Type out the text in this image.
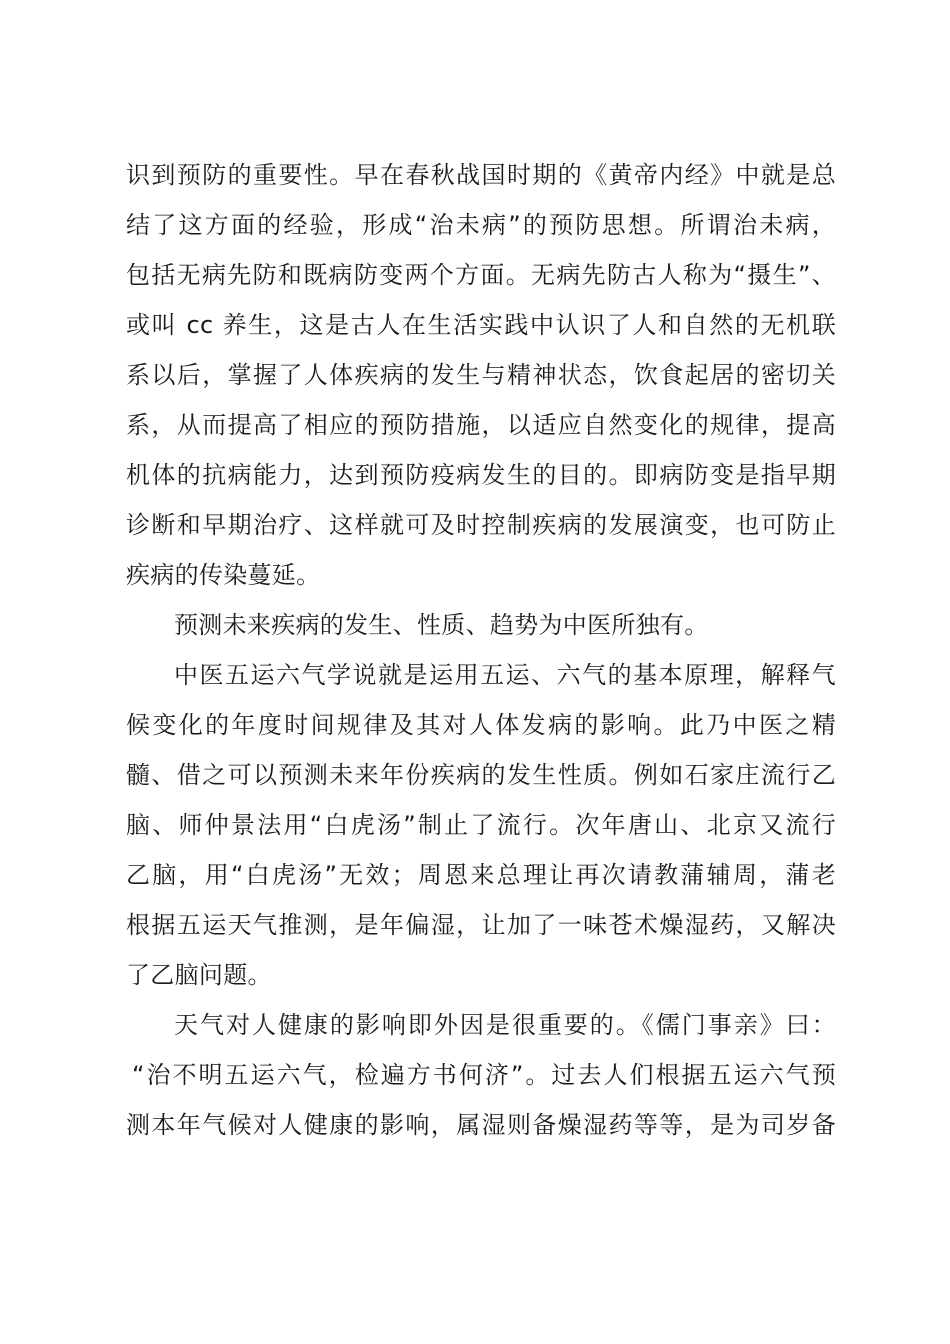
识到预防的重要性。早在春秋战国时期的《黄帝内经》中就是总
结了这方面的经验，形成“治未病”的预防思想。所谓治未病，
包括无病先防和既病防变两个方面。无病先防古人称为“摄生”、
或叫 cc 养生，这是古人在生活实践中认识了人和自然的无机联
系以后，掌握了人体疾病的发生与精神状态，饮食起居的密切关
系，从而提高了相应的预防措施，以适应自然变化的规律，提高
机体的抗病能力，达到预防疫病发生的目的。即病防变是指早期
诊断和早期治疗、这样就可及时控制疾病的发展演变，也可防止
疾病的传染蔓延。
预测未来疾病的发生、性质、趋势为中医所独有。
中医五运六气学说就是运用五运、六气的基本原理，解释气
候变化的年度时间规律及其对人体发病的影响。此乃中医之精
髓、借之可以预测未来年份疾病的发生性质。例如石家庄流行乙
脑、师仲景法用“白虎汤”制止了流行。次年唐山、北京又流行
乙脑，用“白虎汤”无效；周恩来总理让再次请教蒲辅周，蒲老
根据五运天气推测，是年偏湿，让加了一味苍术燥湿药，又解决
了乙脑问题。
天气对人健康的影响即外因是很重要的。《儒门事亲》曰：
“治不明五运六气，检遍方书何济”。过去人们根据五运六气预
测本年气候对人健康的影响，属湿则备燥湿药等等，是为司岁备
